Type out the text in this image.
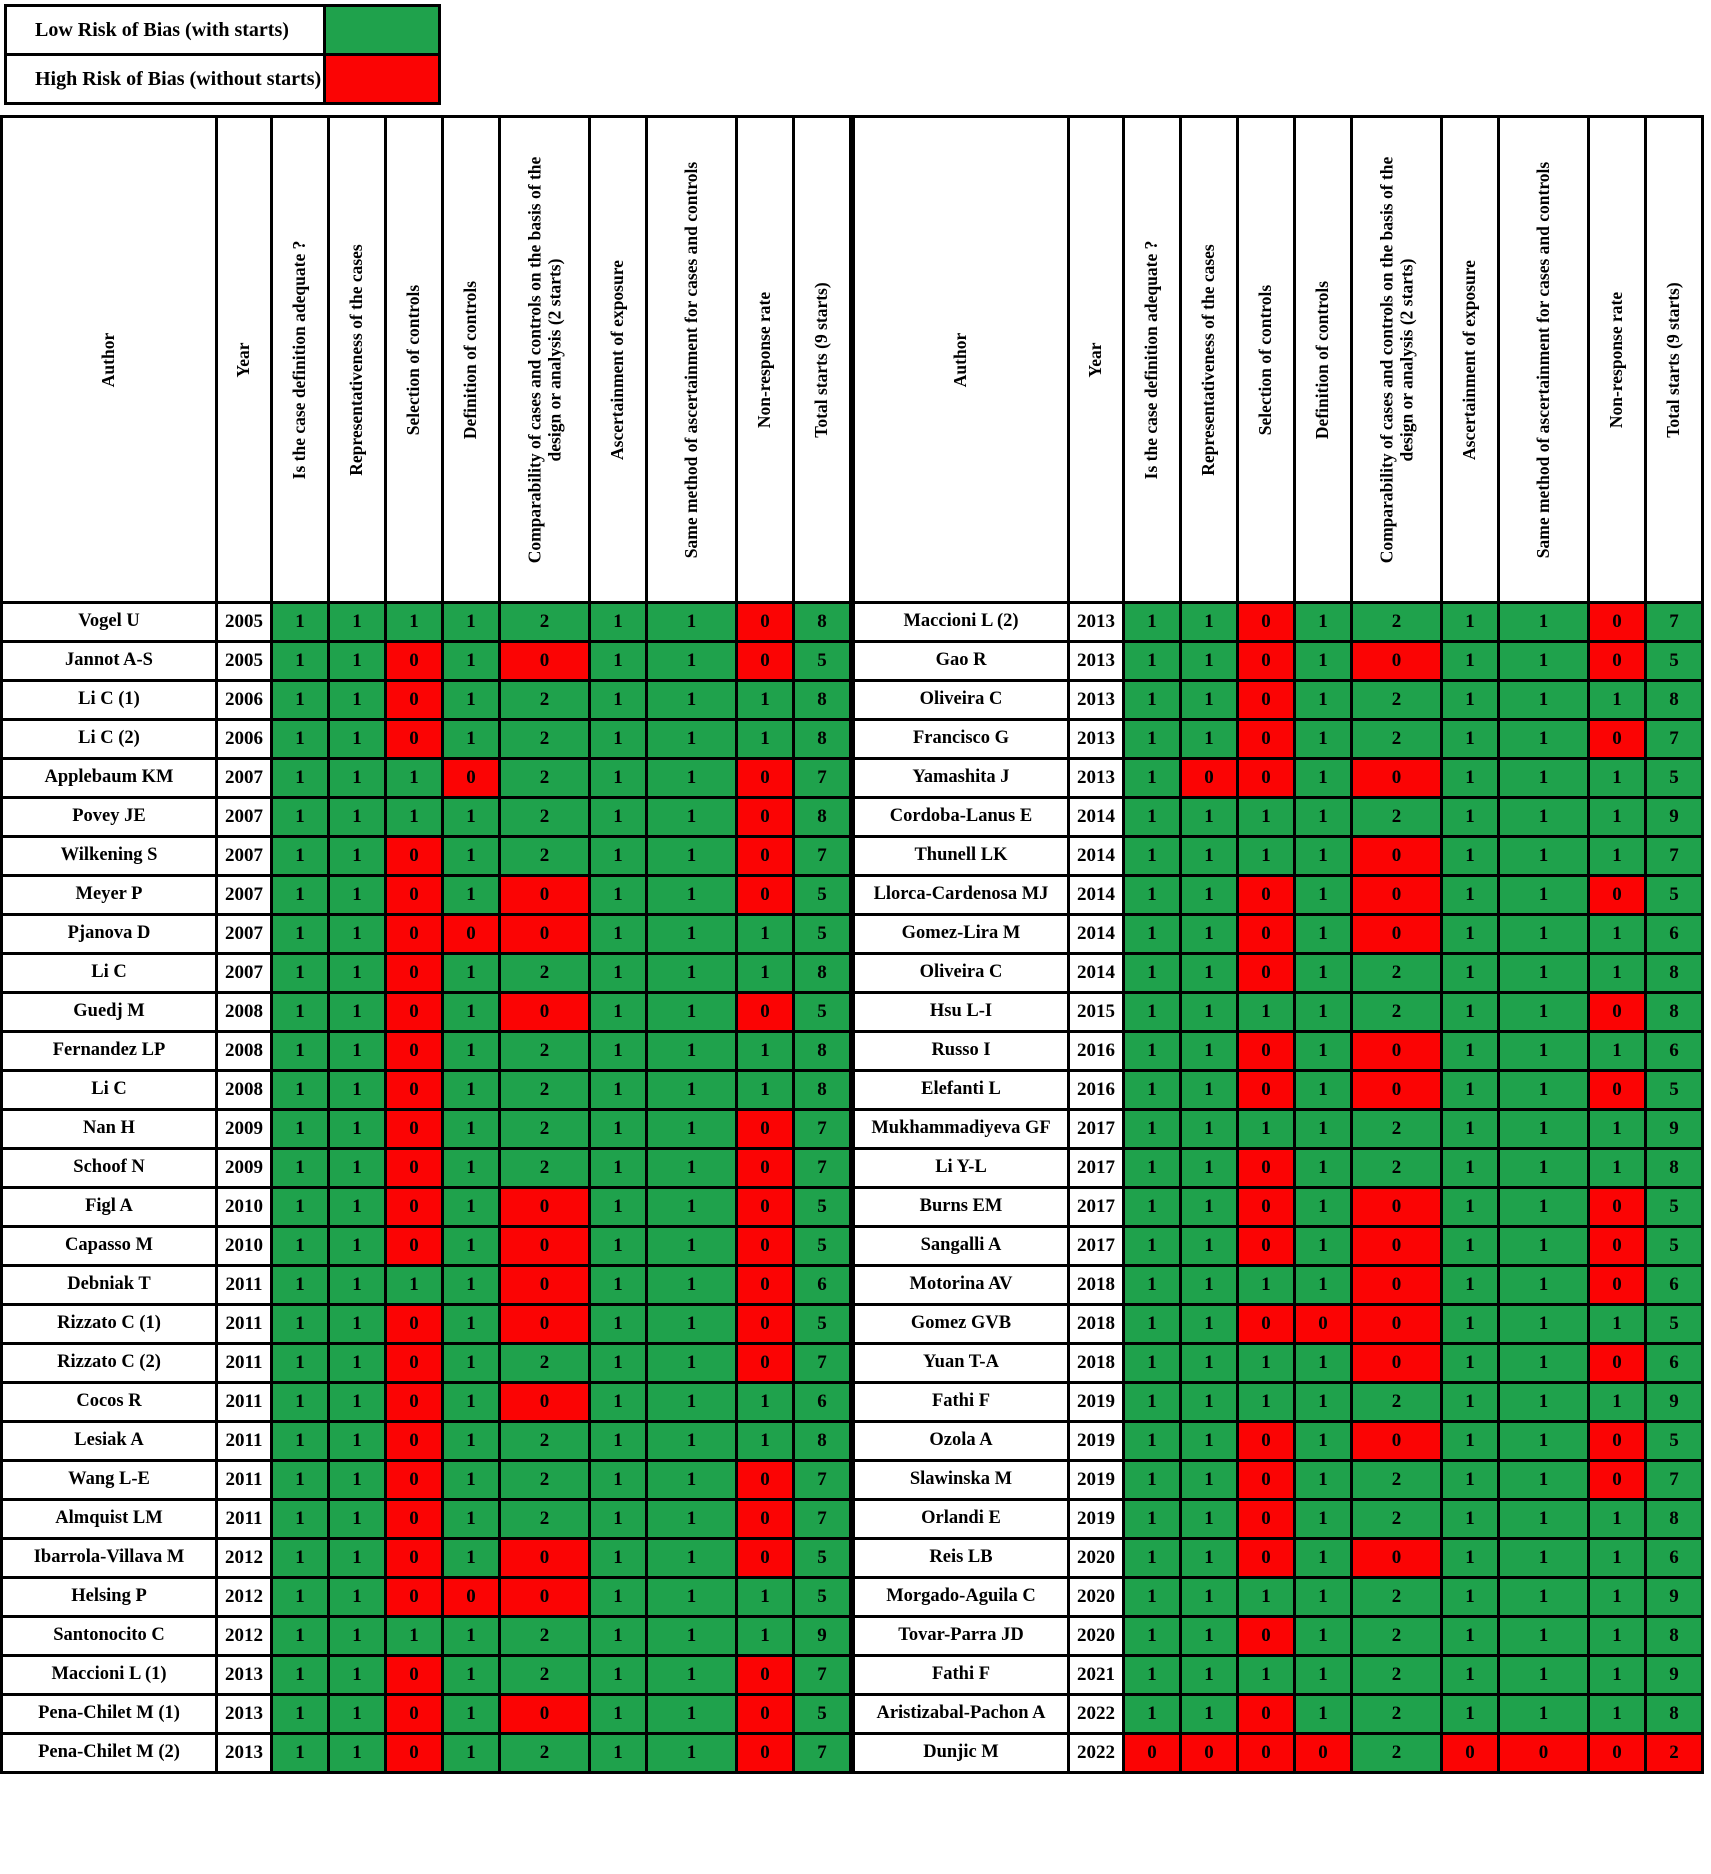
Low Risk of Bias (with starts)
High Risk of Bias (without starts)
Author	Year	Is the case definition adequate ?	Representativeness of the cases	Selection of controls	Definition of controls	Comparability of cases and controls on the basis of the design or analysis (2 starts)	Ascertainment of exposure	Same method of ascertainment for cases and controls	Non-response rate	Total starts (9 starts)

Vogel U	2005	1	1	1	1	2	1	1	0	8
Jannot A-S	2005	1	1	0	1	0	1	1	0	5
Li C (1)	2006	1	1	0	1	2	1	1	1	8
Li C (2)	2006	1	1	0	1	2	1	1	1	8
Applebaum KM	2007	1	1	1	0	2	1	1	0	7
Povey JE	2007	1	1	1	1	2	1	1	0	8
Wilkening S	2007	1	1	0	1	2	1	1	0	7
Meyer P	2007	1	1	0	1	0	1	1	0	5
Pjanova D	2007	1	1	0	0	0	1	1	1	5
Li C	2007	1	1	0	1	2	1	1	1	8
Guedj M	2008	1	1	0	1	0	1	1	0	5
Fernandez LP	2008	1	1	0	1	2	1	1	1	8
Li C	2008	1	1	0	1	2	1	1	1	8
Nan H	2009	1	1	0	1	2	1	1	0	7
Schoof N	2009	1	1	0	1	2	1	1	0	7
Figl A	2010	1	1	0	1	0	1	1	0	5
Capasso M	2010	1	1	0	1	0	1	1	0	5
Debniak T	2011	1	1	1	1	0	1	1	0	6
Rizzato C (1)	2011	1	1	0	1	0	1	1	0	5
Rizzato C (2)	2011	1	1	0	1	2	1	1	0	7
Cocos R	2011	1	1	0	1	0	1	1	1	6
Lesiak A	2011	1	1	0	1	2	1	1	1	8
Wang L-E	2011	1	1	0	1	2	1	1	0	7
Almquist LM	2011	1	1	0	1	2	1	1	0	7
Ibarrola-Villava M	2012	1	1	0	1	0	1	1	0	5
Helsing P	2012	1	1	0	0	0	1	1	1	5
Santonocito C	2012	1	1	1	1	2	1	1	1	9
Maccioni L (1)	2013	1	1	0	1	2	1	1	0	7
Pena-Chilet M (1)	2013	1	1	0	1	0	1	1	0	5
Pena-Chilet M (2)	2013	1	1	0	1	2	1	1	0	7
Author	Year	Is the case definition adequate ?	Representativeness of the cases	Selection of controls	Definition of controls	Comparability of cases and controls on the basis of the design or analysis (2 starts)	Ascertainment of exposure	Same method of ascertainment for cases and controls	Non-response rate	Total starts (9 starts)

Maccioni L (2)	2013	1	1	0	1	2	1	1	0	7
Gao R	2013	1	1	0	1	0	1	1	0	5
Oliveira C	2013	1	1	0	1	2	1	1	1	8
Francisco G	2013	1	1	0	1	2	1	1	0	7
Yamashita J	2013	1	0	0	1	0	1	1	1	5
Cordoba-Lanus E	2014	1	1	1	1	2	1	1	1	9
Thunell LK	2014	1	1	1	1	0	1	1	1	7
Llorca-Cardenosa MJ	2014	1	1	0	1	0	1	1	0	5
Gomez-Lira M	2014	1	1	0	1	0	1	1	1	6
Oliveira C	2014	1	1	0	1	2	1	1	1	8
Hsu L-I	2015	1	1	1	1	2	1	1	0	8
Russo I	2016	1	1	0	1	0	1	1	1	6
Elefanti L	2016	1	1	0	1	0	1	1	0	5
Mukhammadiyeva GF	2017	1	1	1	1	2	1	1	1	9
Li Y-L	2017	1	1	0	1	2	1	1	1	8
Burns EM	2017	1	1	0	1	0	1	1	0	5
Sangalli A	2017	1	1	0	1	0	1	1	0	5
Motorina AV	2018	1	1	1	1	0	1	1	0	6
Gomez GVB	2018	1	1	0	0	0	1	1	1	5
Yuan T-A	2018	1	1	1	1	0	1	1	0	6
Fathi F	2019	1	1	1	1	2	1	1	1	9
Ozola A	2019	1	1	0	1	0	1	1	0	5
Slawinska M	2019	1	1	0	1	2	1	1	0	7
Orlandi E	2019	1	1	0	1	2	1	1	1	8
Reis LB	2020	1	1	0	1	0	1	1	1	6
Morgado-Aguila C	2020	1	1	1	1	2	1	1	1	9
Tovar-Parra JD	2020	1	1	0	1	2	1	1	1	8
Fathi F	2021	1	1	1	1	2	1	1	1	9
Aristizabal-Pachon A	2022	1	1	0	1	2	1	1	1	8
Dunjic M	2022	0	0	0	0	2	0	0	0	2
